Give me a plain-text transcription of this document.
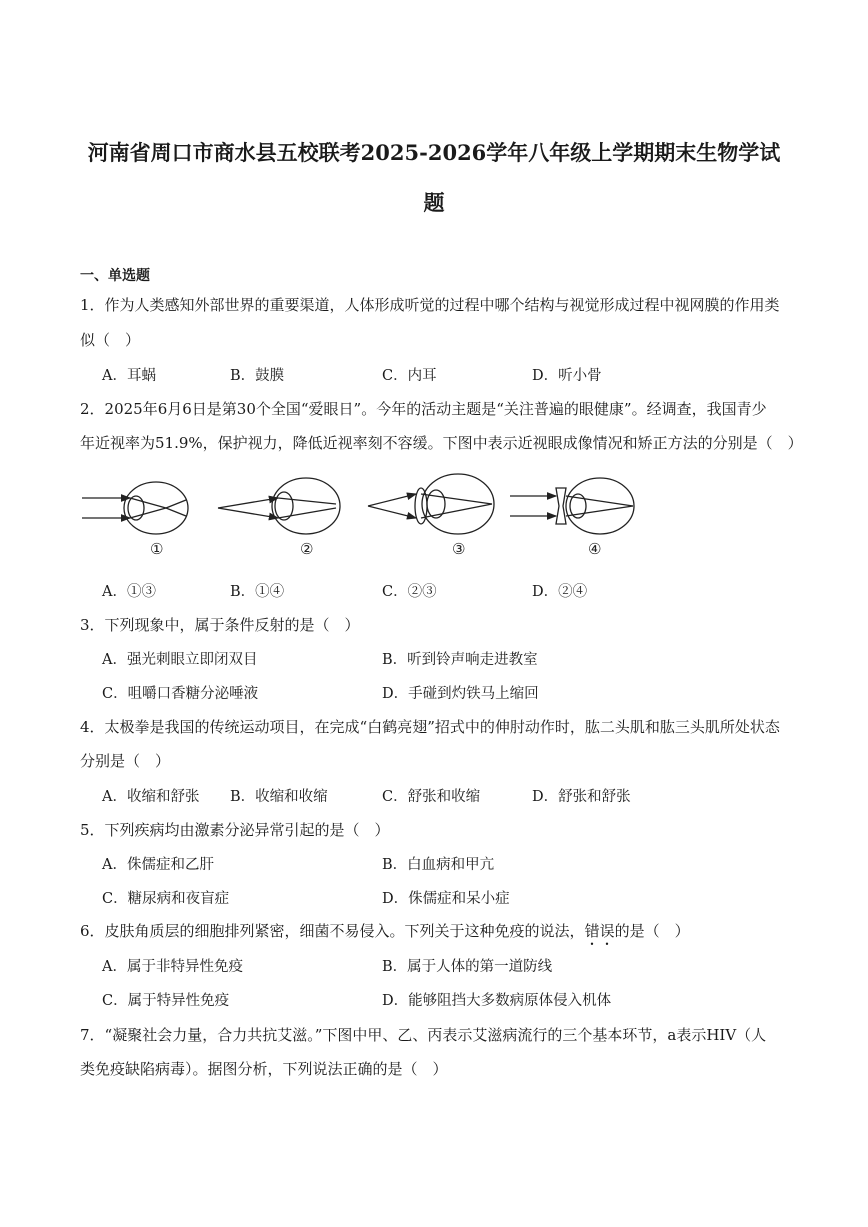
河南省周口市商水县五校联考2025-2026学年八年级上学期期末生物学试
题
一、单选题
1．作为人类感知外部世界的重要渠道，人体形成听觉的过程中哪个结构与视觉形成过程中视网膜的作用类
似（　）
A．耳蜗	B．鼓膜	C．内耳	D．听小骨
2．2025年6月6日是第30个全国“爱眼日”。今年的活动主题是“关注普遍的眼健康”。经调查，我国青少
年近视率为51.9%，保护视力，降低近视率刻不容缓。下图中表示近视眼成像情况和矫正方法的分别是（　）
①	②	③	④
A．①③	B．①④	C．②③	D．②④
3．下列现象中，属于条件反射的是（　）
A．强光刺眼立即闭双目	B．听到铃声响走进教室
C．咀嚼口香糖分泌唾液	D．手碰到灼铁马上缩回
4．太极拳是我国的传统运动项目，在完成“白鹤亮翅”招式中的伸肘动作时，肱二头肌和肱三头肌所处状态
分别是（　）
A．收缩和舒张 B．收缩和收缩	C．舒张和收缩	D．舒张和舒张
5．下列疾病均由激素分泌异常引起的是（　）
A．侏儒症和乙肝	B．白血病和甲亢
C．糖尿病和夜盲症	D．侏儒症和呆小症
6．皮肤角质层的细胞排列紧密，细菌不易侵入。下列关于这种免疫的说法，错误的是（　）
A．属于非特异性免疫	B．属于人体的第一道防线
C．属于特异性免疫	D．能够阻挡大多数病原体侵入机体
7．“凝聚社会力量，合力共抗艾滋。”下图中甲、乙、丙表示艾滋病流行的三个基本环节，a表示HIV（人
类免疫缺陷病毒）。据图分析，下列说法正确的是（　）
